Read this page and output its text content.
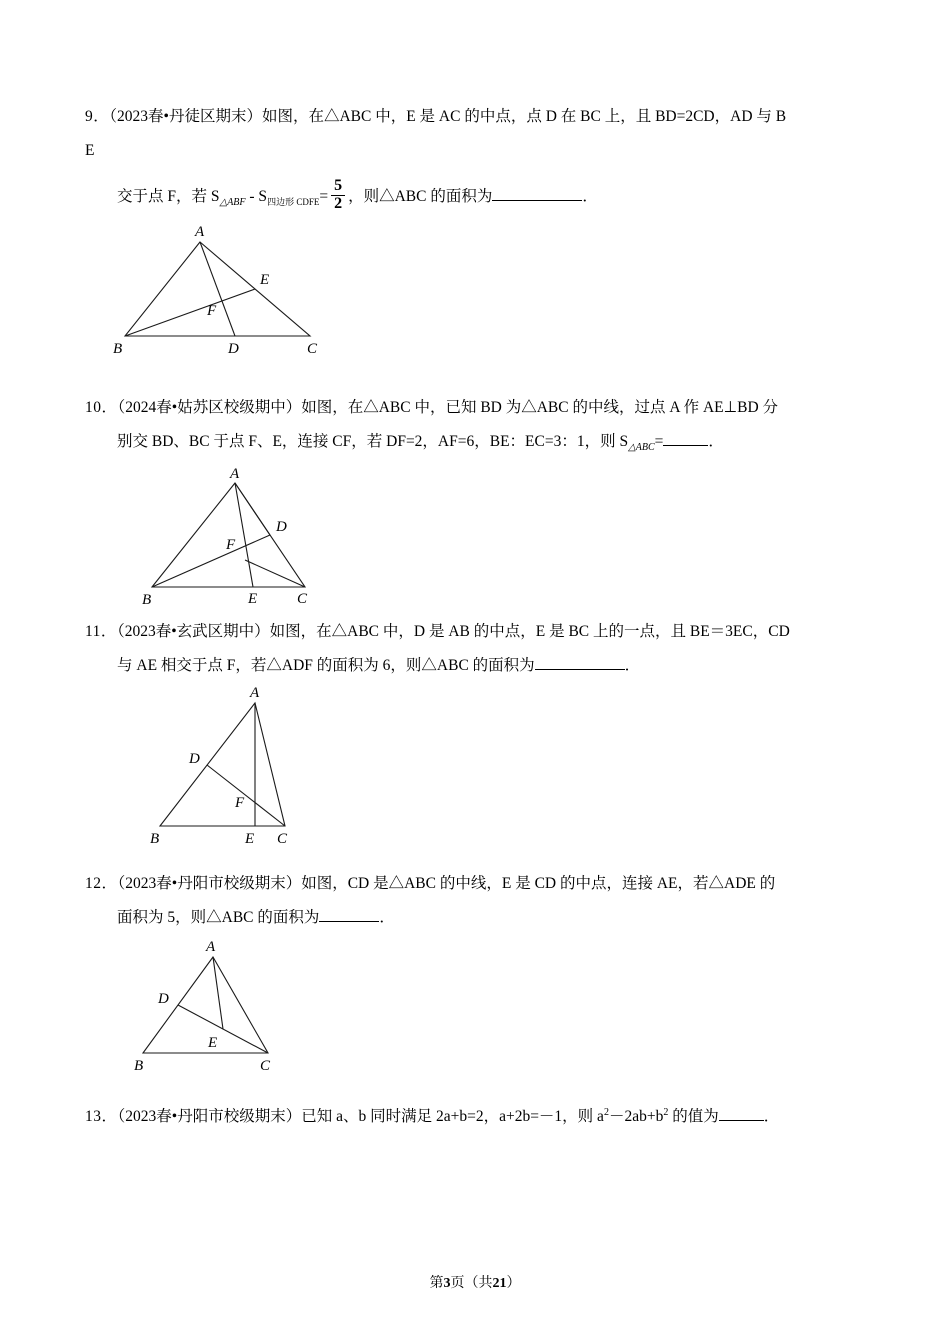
9．（2023春•丹徒区期末）如图，在△ABC 中，E 是 AC 的中点，点 D 在 BC 上，且 BD=2CD，AD 与 B
E
交于点 F，若 $S_{\triangle ABF} - S_{四边形 CDFE}= \frac{5}{2}$ ，则△ABC 的面积为	．
A
E
F
B	D	C
10．（2024春•姑苏区校级期中）如图，在△ABC 中，已知 BD 为△ABC 的中线，过点 A 作 AE⊥BD 分
别交 BD、BC 于点 F、E，连接 CF，若 DF=2，AF=6，BE：EC=3：1，则 $S_{\triangle ABC}=$	．
A
D
F
B	E	C
11．（2023春•玄武区期中）如图，在△ABC 中，D 是 AB 的中点，E 是 BC 上的一点，且 BE＝3EC，CD
与 AE 相交于点 F，若△ADF 的面积为 6，则△ABC 的面积为	．
A
D
F
B	E C
12．（2023春•丹阳市校级期末）如图，CD 是△ABC 的中线，E 是 CD 的中点，连接 AE，若△ADE 的
面积为 5，则△ABC 的面积为	．
A
D
E
B	C
13．（2023春•丹阳市校级期末）已知 a、b 同时满足 2a+b=2，a+2b=－1，则 $a^2-2ab+b^2$ 的值为	．
第3页（共21）
